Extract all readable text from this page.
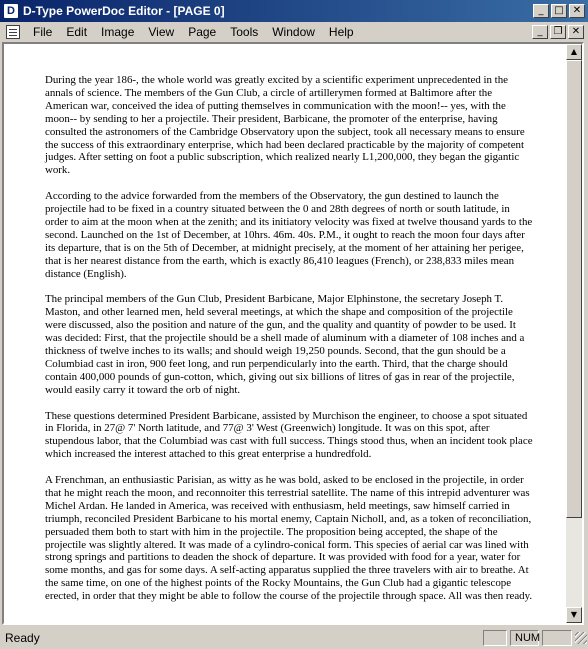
D D-Type PowerDoc Editor - [PAGE 0]	_	□ ✕
File	Edit	Image	View	Page	Tools	Window	Help	_	❐ ✕

During the year 186-, the whole world was greatly excited by a scientific experiment unprecedented in the annals of science. The members of the Gun Club, a circle of artillerymen formed at Baltimore after the American war, conceived the idea of putting themselves in communication with the moon!-- yes, with the moon-- by sending to her a projectile. Their president, Barbicane, the promoter of the enterprise, having consulted the astronomers of the Cambridge Observatory upon the subject, took all necessary means to ensure the success of this extraordinary enterprise, which had been declared practicable by the majority of competent judges. After setting on foot a public subscription, which realized nearly L1,200,000, they began the gigantic work.

According to the advice forwarded from the members of the Observatory, the gun destined to launch the projectile had to be fixed in a country situated between the 0 and 28th degrees of north or south latitude, in order to aim at the moon when at the zenith; and its initiatory velocity was fixed at twelve thousand yards to the second. Launched on the 1st of December, at 10hrs. 46m. 40s. P.M., it ought to reach the moon four days after its departure, that is on the 5th of December, at midnight precisely, at the moment of her attaining her perigee, that is her nearest distance from the earth, which is exactly 86,410 leagues (French), or 238,833 miles mean distance (English).

The principal members of the Gun Club, President Barbicane, Major Elphinstone, the secretary Joseph T. Maston, and other learned men, held several meetings, at which the shape and composition of the projectile were discussed, also the position and nature of the gun, and the quality and quantity of powder to be used. It was decided: First, that the projectile should be a shell made of aluminum with a diameter of 108 inches and a thickness of twelve inches to its walls; and should weigh 19,250 pounds. Second, that the gun should be a Columbiad cast in iron, 900 feet long, and run perpendicularly into the earth. Third, that the charge should contain 400,000 pounds of gun-cotton, which, giving out six billions of litres of gas in rear of the projectile, would easily carry it toward the orb of night.

These questions determined President Barbicane, assisted by Murchison the engineer, to choose a spot situated in Florida, in 27@ 7' North latitude, and 77@ 3' West (Greenwich) longitude. It was on this spot, after stupendous labor, that the Columbiad was cast with full success. Things stood thus, when an incident took place which increased the interest attached to this great enterprise a hundredfold.

A Frenchman, an enthusiastic Parisian, as witty as he was bold, asked to be enclosed in the projectile, in order that he might reach the moon, and reconnoiter this terrestrial satellite. The name of this intrepid adventurer was Michel Ardan. He landed in America, was received with enthusiasm, held meetings, saw himself carried in triumph, reconciled President Barbicane to his mortal enemy, Captain Nicholl, and, as a token of reconciliation, persuaded them both to start with him in the projectile. The proposition being accepted, the shape of the projectile was slightly altered. It was made of a cylindro-conical form. This species of aerial car was lined with strong springs and partitions to deaden the shock of departure. It was provided with food for a year, water for some months, and gas for some days. A self-acting apparatus supplied the three travelers with air to breathe. At the same time, on one of the highest points of the Rocky Mountains, the Gun Club had a gigantic telescope erected, in order that they might be able to follow the course of the projectile through space. All was then ready.

▲
▼
Ready	NUM
